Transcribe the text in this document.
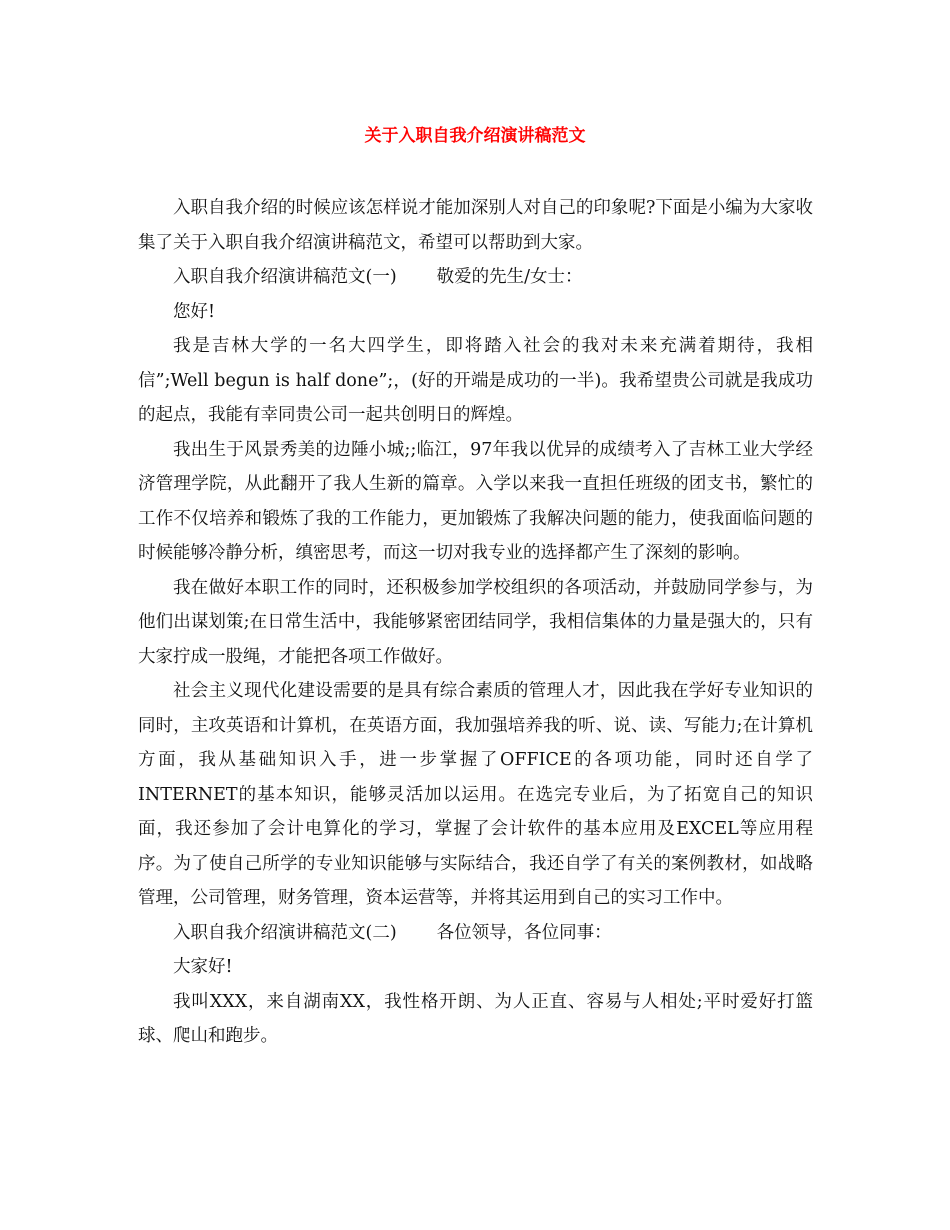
关于入职自我介绍演讲稿范文

入职自我介绍的时候应该怎样说才能加深别人对自己的印象呢?下面是小编为大家收集了关于入职自我介绍演讲稿范文，希望可以帮助到大家。

入职自我介绍演讲稿范文(一) 敬爱的先生/女士：

您好!

我是吉林大学的一名大四学生，即将踏入社会的我对未来充满着期待，我相信”;Well begun is half done”;，(好的开端是成功的一半)。我希望贵公司就是我成功的起点，我能有幸同贵公司一起共创明日的辉煌。

我出生于风景秀美的边陲小城;;临江，97年我以优异的成绩考入了吉林工业大学经济管理学院，从此翻开了我人生新的篇章。入学以来我一直担任班级的团支书，繁忙的工作不仅培养和锻炼了我的工作能力，更加锻炼了我解决问题的能力，使我面临问题的时候能够冷静分析，缜密思考，而这一切对我专业的选择都产生了深刻的影响。

我在做好本职工作的同时，还积极参加学校组织的各项活动，并鼓励同学参与，为他们出谋划策;在日常生活中，我能够紧密团结同学，我相信集体的力量是强大的，只有大家拧成一股绳，才能把各项工作做好。

社会主义现代化建设需要的是具有综合素质的管理人才，因此我在学好专业知识的同时，主攻英语和计算机，在英语方面，我加强培养我的听、说、读、写能力;在计算机方面，我从基础知识入手，进一步掌握了OFFICE的各项功能，同时还自学了INTERNET的基本知识，能够灵活加以运用。在选完专业后，为了拓宽自己的知识面，我还参加了会计电算化的学习，掌握了会计软件的基本应用及EXCEL等应用程序。为了使自己所学的专业知识能够与实际结合，我还自学了有关的案例教材，如战略管理，公司管理，财务管理，资本运营等，并将其运用到自己的实习工作中。

入职自我介绍演讲稿范文(二) 各位领导，各位同事：

大家好!

我叫XXX，来自湖南XX，我性格开朗、为人正直、容易与人相处;平时爱好打篮球、爬山和跑步。
